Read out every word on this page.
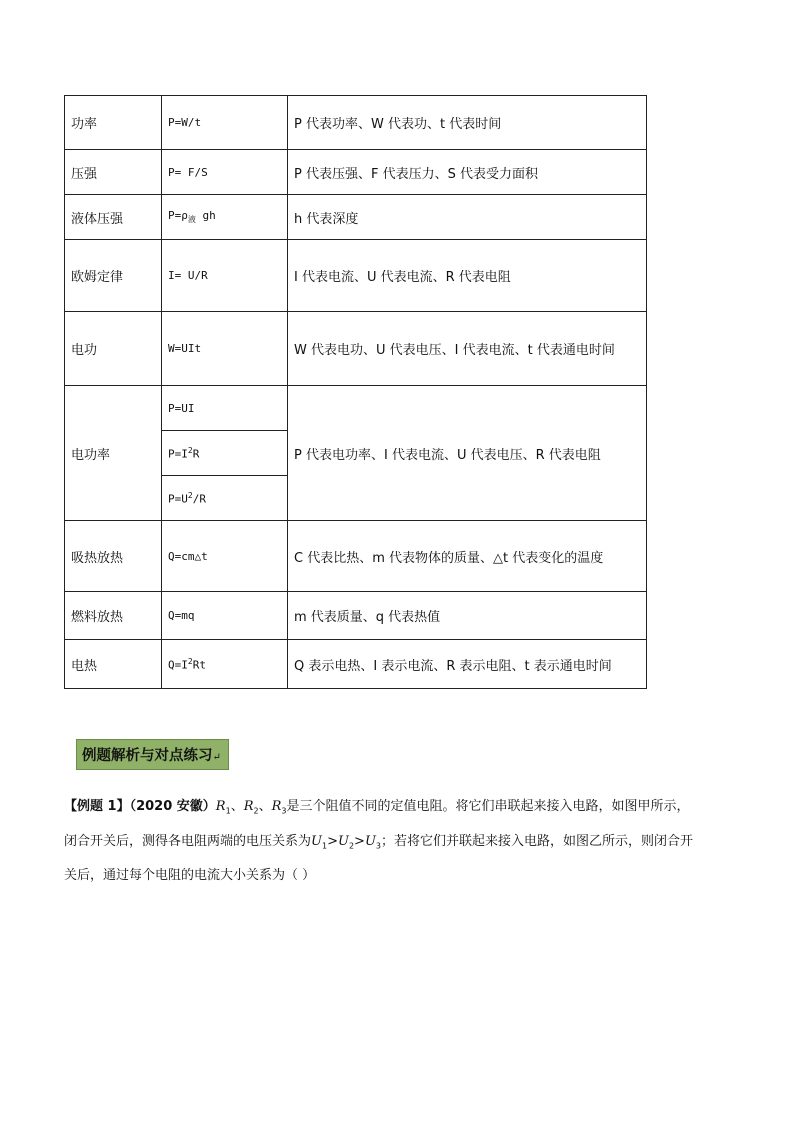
功率	P=W/t	P 代表功率、W 代表功、t 代表时间
压强	P= F/S	P 代表压强、F 代表压力、S 代表受力面积
液体压强	$P=\rho_液$ gh	h 代表深度
欧姆定律	I= U/R	I 代表电流、U 代表电流、R 代表电阻
电功	W=UIt	W 代表电功、U 代表电压、I 代表电流、t 代表通电时间
电功率	P=UI	P 代表电功率、I 代表电流、U 代表电压、R 代表电阻
	$P=I^2R$	
	$P=U^2/R$	
吸热放热	Q=cm△t	C 代表比热、m 代表物体的质量、△t 代表变化的温度
燃料放热	Q=mq	m 代表质量、q 代表热值
电热	$Q=I^2Rt$	Q 表示电热、I 表示电流、R 表示电阻、t 表示通电时间
例题解析与对点练习↵

【例题 1】（2020 安徽）$R_1$、$R_2$、$R_3$是三个阻值不同的定值电阻。将它们串联起来接入电路，如图甲所示，

闭合开关后，测得各电阻两端的电压关系为$U_1>U_2>U_3$；若将它们并联起来接入电路，如图乙所示，则闭合开

关后，通过每个电阻的电流大小关系为（ ）
